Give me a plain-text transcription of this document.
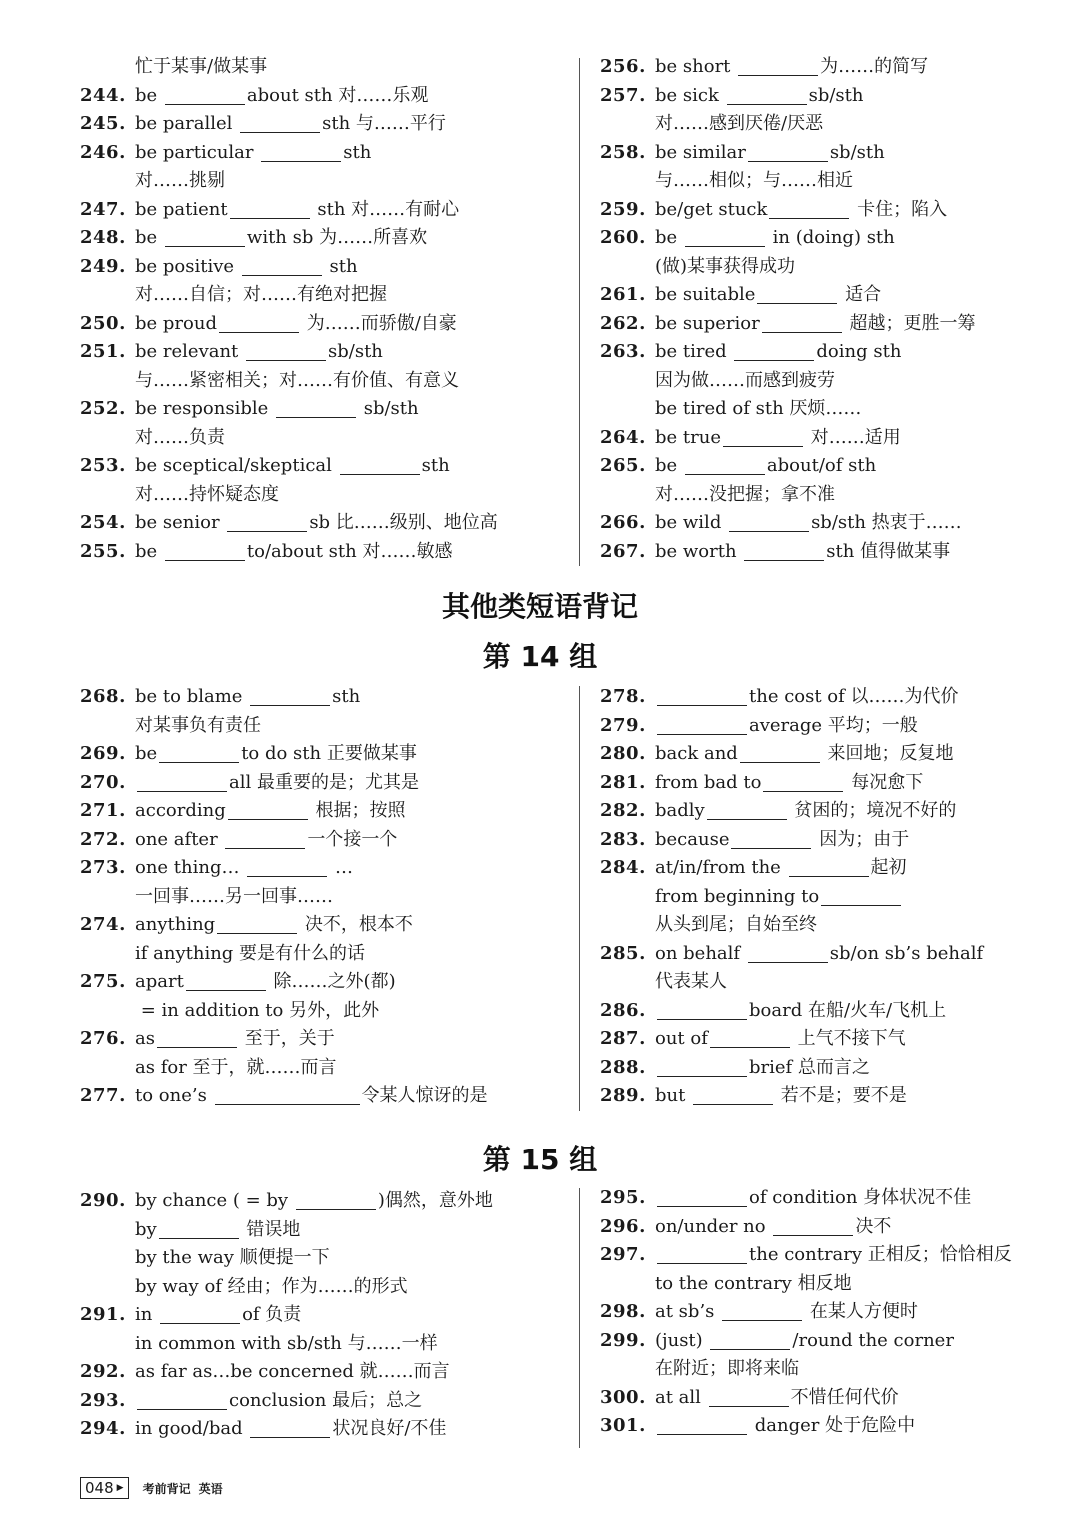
其他类短语背记
第 14 组
第 15 组
忙于某事/做某事
244. be	about sth 对……乐观
245. be parallel	sth 与……平行
246. be particular	sth
对……挑剔
247. be patient	sth 对……有耐心
248. be	with sb 为……所喜欢
249. be positive	sth
对……自信；对……有绝对把握
250. be proud	为……而骄傲/自豪
251. be relevant	sb/sth
与……紧密相关；对……有价值、有意义
252. be responsible	sb/sth
对……负责
253. be sceptical/skeptical	sth
对……持怀疑态度
254. be senior	sb 比……级别、地位高
255. be	to/about sth 对……敏感
256. be short	为……的简写
257. be sick	sb/sth
对……感到厌倦/厌恶
258. be similar	sb/sth
与……相似；与……相近
259. be/get stuck	卡住；陷入
260. be	in (doing) sth
(做)某事获得成功
261. be suitable	适合
262. be superior	超越；更胜一筹
263. be tired	doing sth
因为做……而感到疲劳
be tired of sth 厌烦……
264. be true	对……适用
265. be	about/of sth
对……没把握；拿不准
266. be wild	sb/sth 热衷于……
267. be worth	sth 值得做某事
268. be to blame	sth
对某事负有责任
269. be	to do sth 正要做某事
270.	all 最重要的是；尤其是
271. according	根据；按照
272. one after	一个接一个
273. one thing…	…
一回事……另一回事……
274. anything	决不，根本不
if anything 要是有什么的话
275. apart	除……之外(都)
= in addition to 另外，此外
276. as	至于，关于
as for 至于，就……而言
277. to one’s	令某人惊讶的是
278.	the cost of 以……为代价
279.	average 平均；一般
280. back and	来回地；反复地
281. from bad to	每况愈下
282. badly	贫困的；境况不好的
283. because	因为；由于
284. at/in/from the	起初
from beginning to
从头到尾；自始至终
285. on behalf	sb/on sb’s behalf
代表某人
286.	board 在船/火车/飞机上
287. out of	上气不接下气
288.	brief 总而言之
289. but	若不是；要不是
290. by chance ( = by	)偶然，意外地
by	错误地
by the way 顺便提一下
by way of 经由；作为……的形式
291. in	of 负责
in common with sb/sth 与……一样
292. as far as…be concerned 就……而言
293.	conclusion 最后；总之
294. in good/bad	状况良好/不佳
295.	of condition 身体状况不佳
296. on/under no	决不
297.	the contrary 正相反；恰恰相反
to the contrary 相反地
298. at sb’s	在某人方便时
299. (just)	/round the corner
在附近；即将来临
300. at all	不惜任何代价
301.	danger 处于危险中
048 ▶ 考前背记 英语
